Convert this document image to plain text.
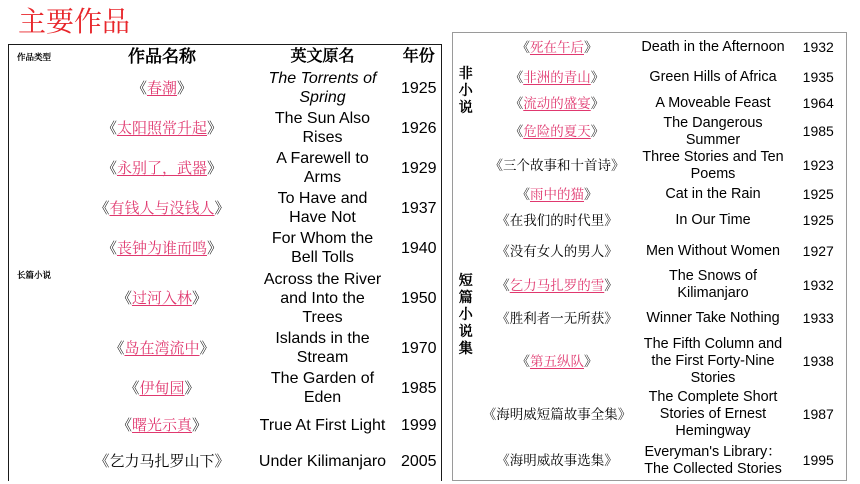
主要作品
作品类型	作品名称	英文原名	年份
长篇小说	《春潮》	The Torrents of Spring	1925
	《太阳照常升起》	The Sun Also Rises	1926
	《永别了，武器》	A Farewell to Arms	1929
	《有钱人与没钱人》	To Have and Have Not	1937
	《丧钟为谁而鸣》	For Whom the Bell Tolls	1940
	《过河入林》	Across the River and Into the Trees	1950
	《岛在湾流中》	Islands in the Stream	1970
	《伊甸园》	The Garden of Eden	1985
	《曙光示真》	True At First Light	1999
	《乞力马扎罗山下》	Under Kilimanjaro	2005
非小说	《死在午后》	Death in the Afternoon	1932
	《非洲的青山》	Green Hills of Africa	1935
	《流动的盛宴》	A Moveable Feast	1964
	《危险的夏天》	The Dangerous Summer	1985

短篇小说集	《三个故事和十首诗》	Three Stories and Ten Poems	1923
	《雨中的猫》	Cat in the Rain	1925
	《在我们的时代里》	In Our Time	1925
	《没有女人的男人》	Men Without Women	1927
	《乞力马扎罗的雪》	The Snows of Kilimanjaro	1932
	《胜利者一无所获》	Winner Take Nothing	1933
	《第五纵队》	The Fifth Column and the First Forty-Nine Stories	1938
	《海明威短篇故事全集》	The Complete Short Stories of Ernest Hemingway	1987
	《海明威故事选集》	Everyman's Library： The Collected Stories	1995
